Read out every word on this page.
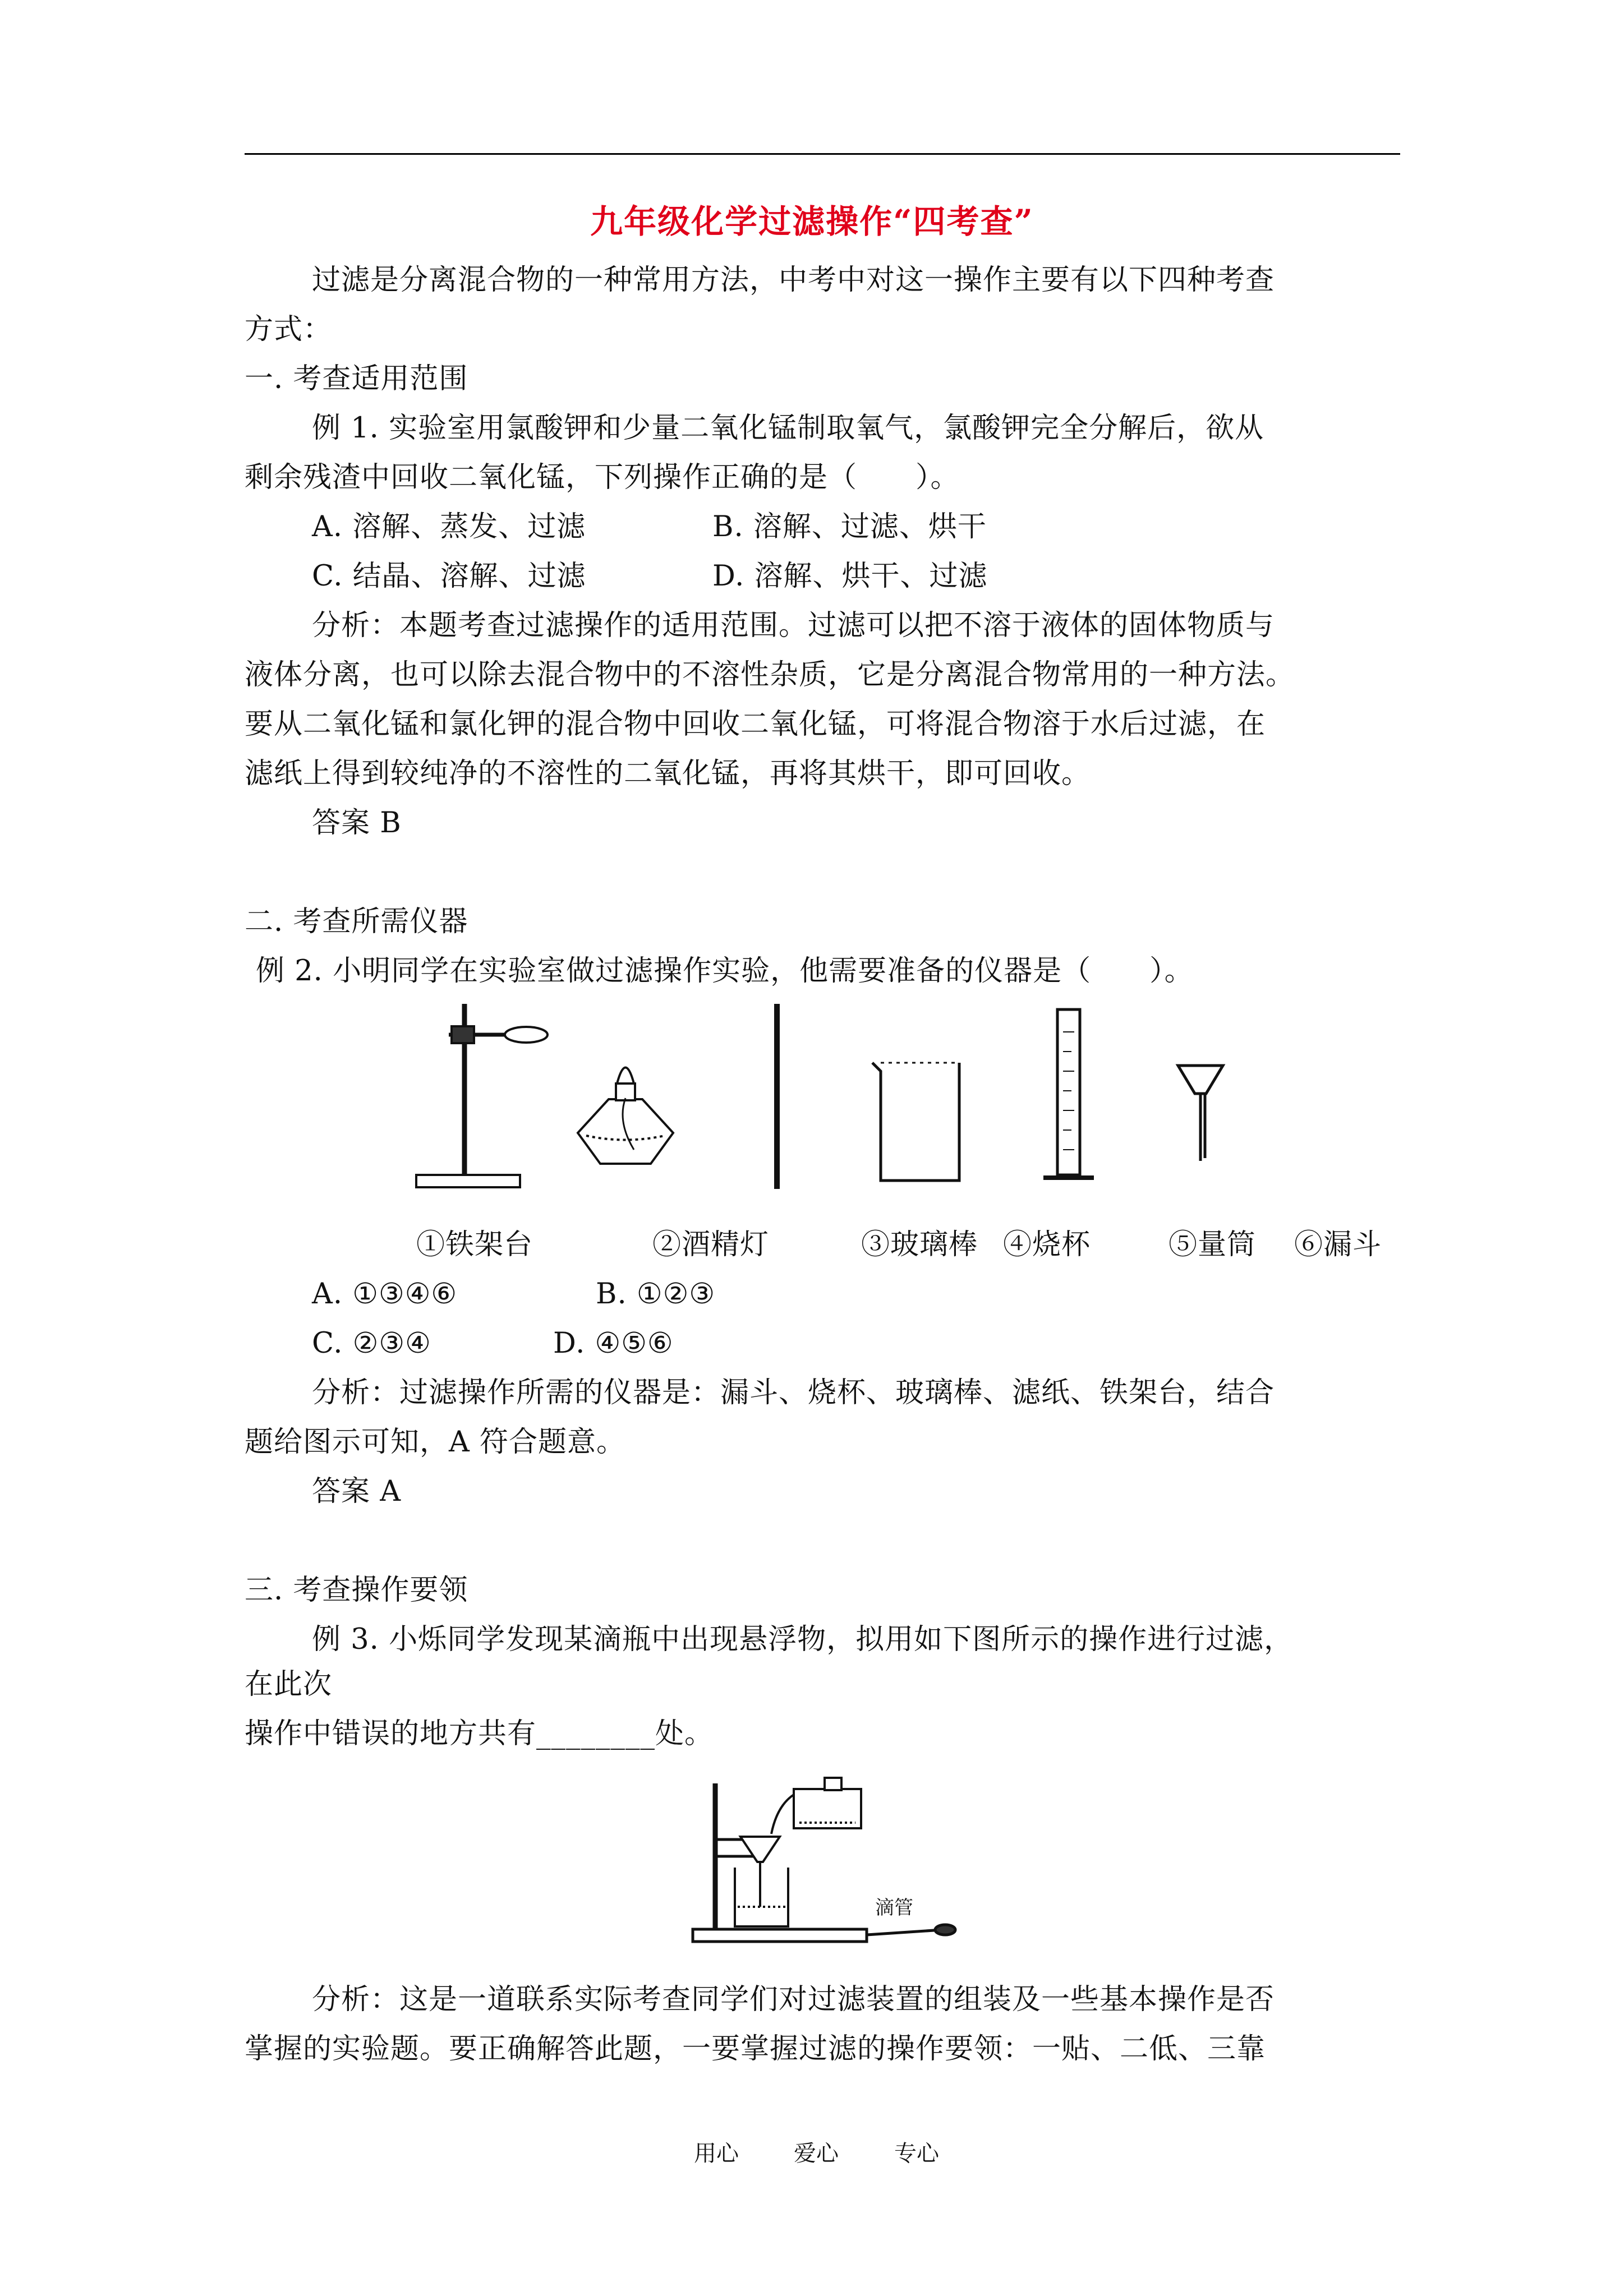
九年级化学过滤操作“四考查”
过滤是分离混合物的一种常用方法，中考中对这一操作主要有以下四种考查
方式：
一. 考查适用范围
例 1. 实验室用氯酸钾和少量二氧化锰制取氧气，氯酸钾完全分解后，欲从
剩余残渣中回收二氧化锰，下列操作正确的是（　　）。
A. 溶解、蒸发、过滤	B. 溶解、过滤、烘干
C. 结晶、溶解、过滤	D. 溶解、烘干、过滤
分析：本题考查过滤操作的适用范围。过滤可以把不溶于液体的固体物质与
液体分离，也可以除去混合物中的不溶性杂质，它是分离混合物常用的一种方法。
要从二氧化锰和氯化钾的混合物中回收二氧化锰，可将混合物溶于水后过滤，在
滤纸上得到较纯净的不溶性的二氧化锰，再将其烘干，即可回收。
答案 B
二. 考查所需仪器
例 2. 小明同学在实验室做过滤操作实验，他需要准备的仪器是（　　）。
①铁架台	②酒精灯	③玻璃棒 ④烧杯	⑤量筒 ⑥漏斗
A. ①③④⑥	B. ①②③
C. ②③④	D. ④⑤⑥
分析：过滤操作所需的仪器是：漏斗、烧杯、玻璃棒、滤纸、铁架台，结合
题给图示可知，A 符合题意。
答案 A
三. 考查操作要领
例 3. 小烁同学发现某滴瓶中出现悬浮物，拟用如下图所示的操作进行过滤，
在此次
操作中错误的地方共有________处。
滴管
分析：这是一道联系实际考查同学们对过滤装置的组装及一些基本操作是否
掌握的实验题。要正确解答此题，一要掌握过滤的操作要领：一贴、二低、三靠
用心 爱心 专心
